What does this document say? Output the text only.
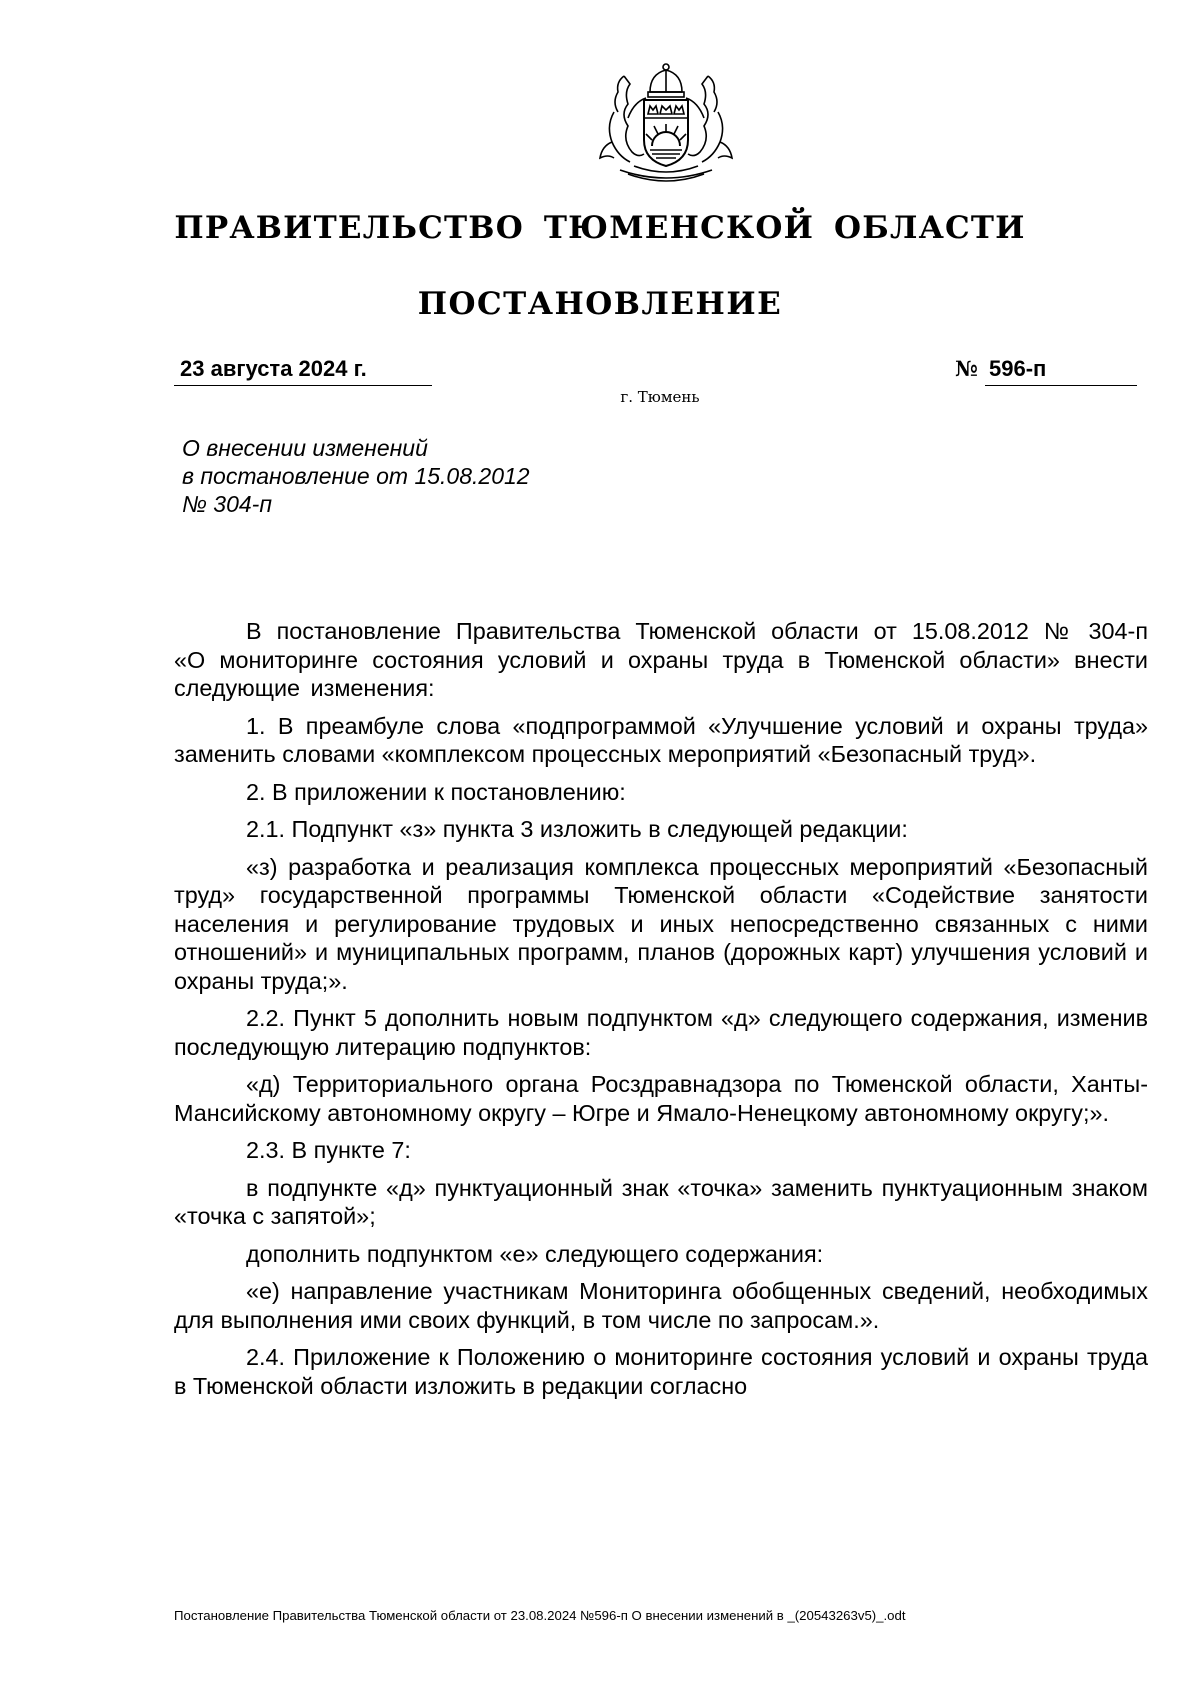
ПРАВИТЕЛЬСТВО ТЮМЕНСКОЙ ОБЛАСТИ
ПОСТАНОВЛЕНИЕ
23 августа 2024 г.	№ 596-п
г. Тюмень
О внесении изменений
в постановление от 15.08.2012
№ 304-п

В постановление Правительства Тюменской области от 15.08.2012 № 304-п «О мониторинге состояния условий и охраны труда в Тюменской области» внести следующие изменения:

1. В преамбуле слова «подпрограммой «Улучшение условий и охраны труда» заменить словами «комплексом процессных мероприятий «Безопасный труд».

2. В приложении к постановлению:

2.1. Подпункт «з» пункта 3 изложить в следующей редакции:

«з) разработка и реализация комплекса процессных мероприятий «Безопасный труд» государственной программы Тюменской области «Содействие занятости населения и регулирование трудовых и иных непосредственно связанных с ними отношений» и муниципальных программ, планов (дорожных карт) улучшения условий и охраны труда;».

2.2. Пункт 5 дополнить новым подпунктом «д» следующего содержания, изменив последующую литерацию подпунктов:

«д) Территориального органа Росздравнадзора по Тюменской области, Ханты-Мансийскому автономному округу – Югре и Ямало-Ненецкому автономному округу;».

2.3. В пункте 7:

в подпункте «д» пунктуационный знак «точка» заменить пунктуационным знаком «точка с запятой»;

дополнить подпунктом «е» следующего содержания:

«е) направление участникам Мониторинга обобщенных сведений, необходимых для выполнения ими своих функций, в том числе по запросам.».

2.4. Приложение к Положению о мониторинге состояния условий и охраны труда в Тюменской области изложить в редакции согласно

Постановление Правительства Тюменской области от 23.08.2024 №596-п О внесении изменений в _(20543263v5)_.odt
